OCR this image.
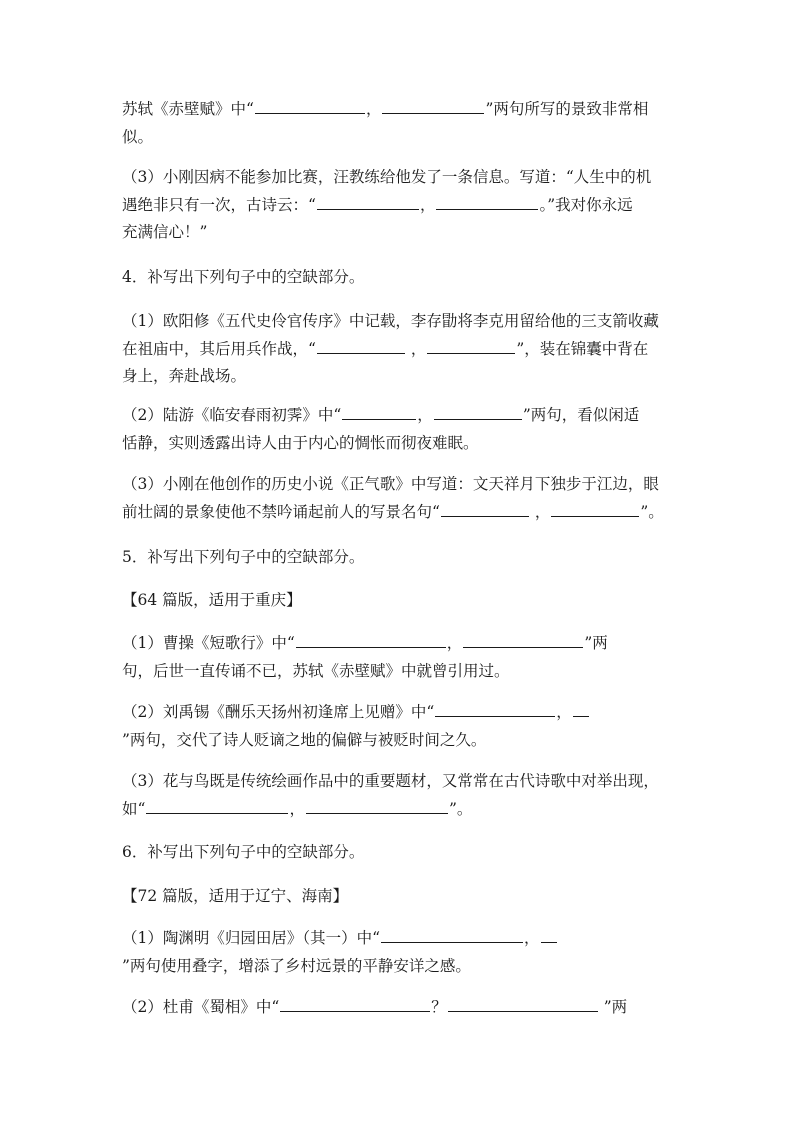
苏轼《赤壁赋》中“	，	”两句所写的景致非常相
似。
（3）小刚因病不能参加比赛，汪教练给他发了一条信息。写道：“人生中的机
遇绝非只有一次，古诗云：“	，	。”我对你永远
充满信心！”
4．补写出下列句子中的空缺部分。
（1）欧阳修《五代史伶官传序》中记载，李存勖将李克用留给他的三支箭收藏
在祖庙中，其后用兵作战，“	，	”，装在锦囊中背在
身上，奔赴战场。
（2）陆游《临安春雨初霁》中“	，	”两句，看似闲适
恬静，实则透露出诗人由于内心的惆怅而彻夜难眠。
（3）小刚在他创作的历史小说《正气歌》中写道：文天祥月下独步于江边，眼
前壮阔的景象使他不禁吟诵起前人的写景名句“	，	”。
5．补写出下列句子中的空缺部分。
【64 篇版，适用于重庆】
（1）曹操《短歌行》中“	，	”两
句，后世一直传诵不已，苏轼《赤壁赋》中就曾引用过。
（2）刘禹锡《酬乐天扬州初逢席上见赠》中“	，
”两句，交代了诗人贬谪之地的偏僻与被贬时间之久。
（3）花与鸟既是传统绘画作品中的重要题材，又常常在古代诗歌中对举出现，
如“	，	”。
6．补写出下列句子中的空缺部分。
【72 篇版，适用于辽宁、海南】
（1）陶渊明《归园田居》（其一）中“	，
”两句使用叠字，增添了乡村远景的平静安详之感。
（2）杜甫《蜀相》中“	？	”两
